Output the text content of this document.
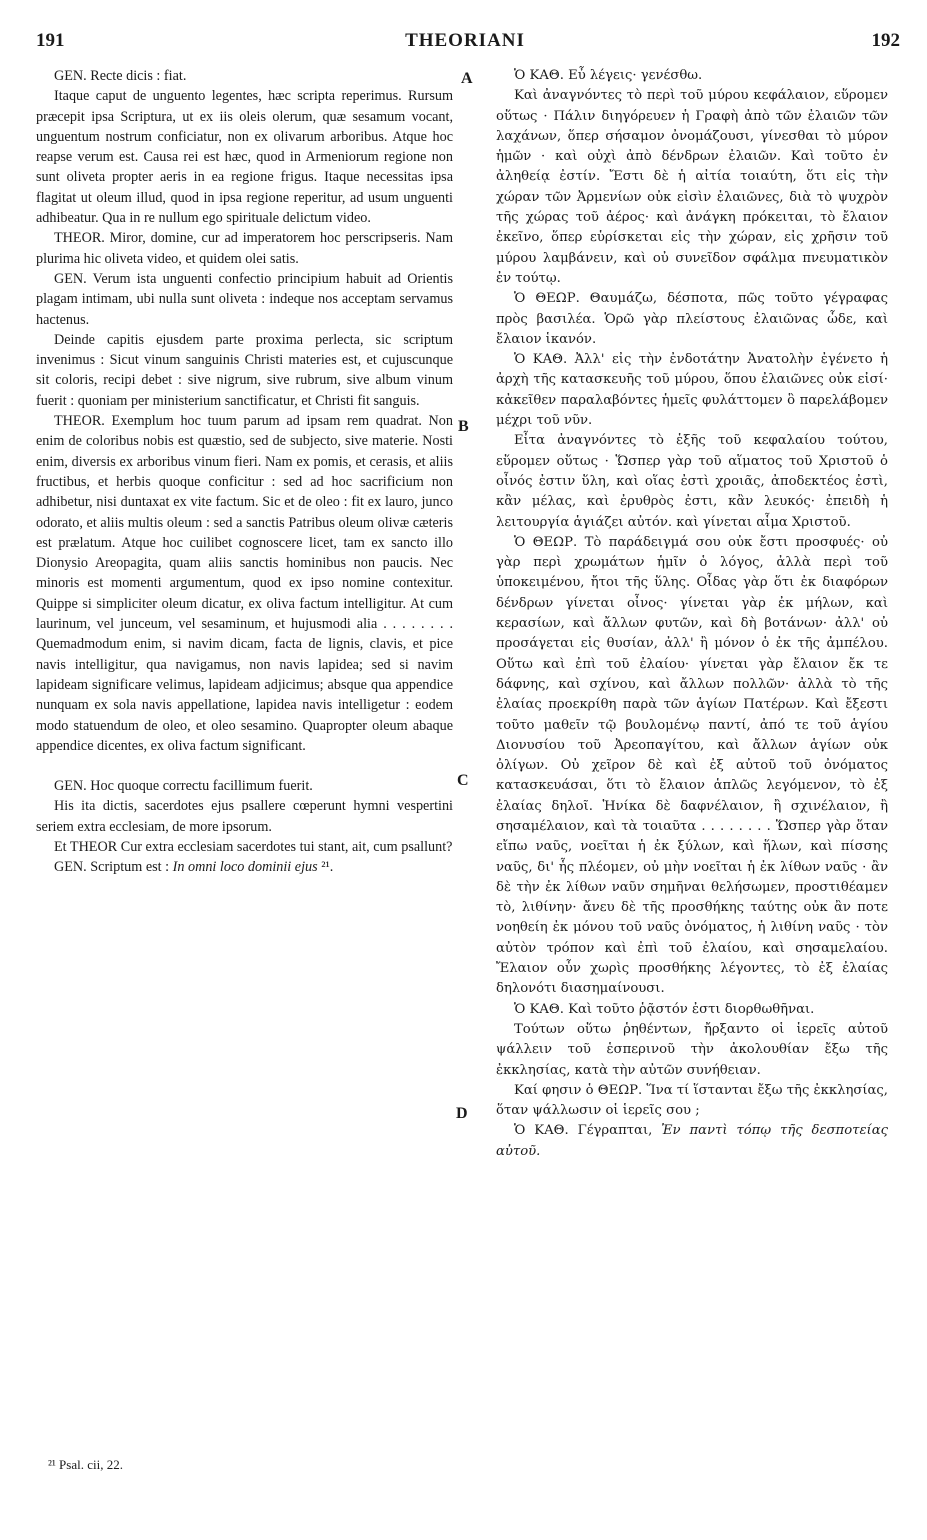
191	THEORIANI	192
A
B
C
D

GEN. Recte dicis : fiat.

Itaque caput de unguento legentes, hæc scripta reperimus. Rursum præcepit ipsa Scriptura, ut ex iis oleis olerum, quæ sesamum vocant, unguentum nostrum conficiatur, non ex olivarum arboribus. Atque hoc reapse verum est. Causa rei est hæc, quod in Armeniorum regione non sunt oliveta propter aeris in ea regione frigus. Itaque necessitas ipsa flagitat ut oleum illud, quod in ipsa regione reperitur, ad usum unguenti adhibeatur. Qua in re nullum ego spirituale delictum video.

THEOR. Miror, domine, cur ad imperatorem hoc perscripseris. Nam plurima hic oliveta video, et quidem olei satis.

GEN. Verum ista unguenti confectio principium habuit ad Orientis plagam intimam, ubi nulla sunt oliveta : indeque nos acceptam servamus hactenus.

Deinde capitis ejusdem parte proxima perlecta, sic scriptum invenimus : Sicut vinum sanguinis Christi materies est, et cujuscunque sit coloris, recipi debet : sive nigrum, sive rubrum, sive album vinum fuerit : quoniam per ministerium sanctificatur, et Christi fit sanguis.

THEOR. Exemplum hoc tuum parum ad ipsam rem quadrat. Non enim de coloribus nobis est quæstio, sed de subjecto, sive materie. Nosti enim, diversis ex arboribus vinum fieri. Nam ex pomis, et cerasis, et aliis fructibus, et herbis quoque conficitur : sed ad hoc sacrificium non adhibetur, nisi duntaxat ex vite factum. Sic et de oleo : fit ex lauro, junco odorato, et aliis multis oleum : sed a sanctis Patribus oleum olivæ cæteris est prælatum. Atque hoc cuilibet cognoscere licet, tam ex sancto illo Dionysio Areopagita, quam aliis sanctis hominibus non paucis. Nec minoris est momenti argumentum, quod ex ipso nomine contexitur. Quippe si simpliciter oleum dicatur, ex oliva factum intelligitur. At cum laurinum, vel junceum, vel sesaminum, et hujusmodi alia . . . . . . . . Quemadmodum enim, si navim dicam, facta de lignis, clavis, et pice navis intelligitur, qua navigamus, non navis lapidea; sed si navim lapideam significare velimus, lapideam adjicimus; absque qua appendice nunquam ex sola navis appellatione, lapidea navis intelligetur : eodem modo statuendum de oleo, et oleo sesamino. Quapropter oleum abaque appendice dicentes, ex oliva factum significant.

GEN. Hoc quoque correctu facillimum fuerit.

His ita dictis, sacerdotes ejus psallere cœperunt hymni vespertini seriem extra ecclesiam, de more ipsorum.

Et THEOR Cur extra ecclesiam sacerdotes tui stant, ait, cum psallunt?

GEN. Scriptum est : In omni loco dominii ejus ²¹.

Ὁ ΚΑΘ. Εὖ λέγεις· γενέσθω.

Καὶ ἀναγνόντες τὸ περὶ τοῦ μύρου κεφάλαιον, εὕρομεν οὕτως · Πάλιν διηγόρευεν ἡ Γραφὴ ἀπὸ τῶν ἐλαιῶν τῶν λαχάνων, ὅπερ σήσαμον ὀνομάζουσι, γίνεσθαι τὸ μύρον ἡμῶν · καὶ οὐχὶ ἀπὸ δένδρων ἐλαιῶν. Καὶ τοῦτο ἐν ἀληθείᾳ ἐστίν. Ἔστι δὲ ἡ αἰτία τοιαύτη, ὅτι εἰς τὴν χώραν τῶν Ἀρμενίων οὐκ εἰσὶν ἐλαιῶνες, διὰ τὸ ψυχρὸν τῆς χώρας τοῦ ἀέρος· καὶ ἀνάγκη πρόκειται, τὸ ἔλαιον ἐκεῖνο, ὅπερ εὑρίσκεται εἰς τὴν χώραν, εἰς χρῆσιν τοῦ μύρου λαμβάνειν, καὶ οὐ συνεῖδον σφάλμα πνευματικὸν ἐν τούτῳ.

Ὁ ΘΕΩΡ. Θαυμάζω, δέσποτα, πῶς τοῦτο γέγραφας πρὸς βασιλέα. Ὁρῶ γὰρ πλείστους ἐλαιῶνας ὧδε, καὶ ἔλαιον ἱκανόν.

Ὁ ΚΑΘ. Ἀλλ' εἰς τὴν ἐνδοτάτην Ἀνατολὴν ἐγένετο ἡ ἀρχὴ τῆς κατασκευῆς τοῦ μύρου, ὅπου ἐλαιῶνες οὐκ εἰσί· κἀκεῖθεν παραλαβόντες ἡμεῖς φυλάττομεν ὃ παρελάβομεν μέχρι τοῦ νῦν.

Εἶτα ἀναγνόντες τὸ ἑξῆς τοῦ κεφαλαίου τούτου, εὕρομεν οὕτως · Ὥσπερ γὰρ τοῦ αἵματος τοῦ Χριστοῦ ὁ οἶνός ἐστιν ὕλη, καὶ οἵας ἐστὶ χροιᾶς, ἀποδεκτέος ἐστὶ, κἂν μέλας, καὶ ἐρυθρὸς ἐστι, κἂν λευκός· ἐπειδὴ ἡ λειτουργία ἁγιάζει αὐτόν. καὶ γίνεται αἷμα Χριστοῦ.

Ὁ ΘΕΩΡ. Τὸ παράδειγμά σου οὐκ ἔστι προσφυές· οὐ γὰρ περὶ χρωμάτων ἡμῖν ὁ λόγος, ἀλλὰ περὶ τοῦ ὑποκειμένου, ἤτοι τῆς ὕλης. Οἶδας γὰρ ὅτι ἐκ διαφόρων δένδρων γίνεται οἶνος· γίνεται γὰρ ἐκ μήλων, καὶ κερασίων, καὶ ἄλλων φυτῶν, καὶ δὴ βοτάνων· ἀλλ' οὐ προσάγεται εἰς θυσίαν, ἀλλ' ἢ μόνον ὁ ἐκ τῆς ἀμπέλου. Οὕτω καὶ ἐπὶ τοῦ ἐλαίου· γίνεται γὰρ ἔλαιον ἔκ τε δάφνης, καὶ σχίνου, καὶ ἄλλων πολλῶν· ἀλλὰ τὸ τῆς ἐλαίας προεκρίθη παρὰ τῶν ἁγίων Πατέρων. Καὶ ἔξεστι τοῦτο μαθεῖν τῷ βουλομένῳ παντί, ἀπό τε τοῦ ἁγίου Διονυσίου τοῦ Ἀρεοπαγίτου, καὶ ἄλλων ἁγίων οὐκ ὀλίγων. Οὐ χεῖρον δὲ καὶ ἐξ αὐτοῦ τοῦ ὀνόματος κατασκευάσαι, ὅτι τὸ ἔλαιον ἁπλῶς λεγόμενον, τὸ ἐξ ἐλαίας δηλοῖ. Ἡνίκα δὲ δαφνέλαιον, ἢ σχινέλαιον, ἢ σησαμέλαιον, καὶ τὰ τοιαῦτα . . . . . . . . Ὥσπερ γὰρ ὅταν εἴπω ναῦς, νοεῖται ἡ ἐκ ξύλων, καὶ ἥλων, καὶ πίσσης ναῦς, δι' ἧς πλέομεν, οὐ μὴν νοεῖται ἡ ἐκ λίθων ναῦς · ἂν δὲ τὴν ἐκ λίθων ναῦν σημῆναι θελήσωμεν, προστιθέαμεν τὸ, λιθίνην· ἄνευ δὲ τῆς προσθήκης ταύτης οὐκ ἂν ποτε νοηθείη ἐκ μόνου τοῦ ναῦς ὀνόματος, ἡ λιθίνη ναῦς · τὸν αὐτὸν τρόπον καὶ ἐπὶ τοῦ ἐλαίου, καὶ σησαμελαίου. Ἔλαιον οὖν χωρὶς προσθήκης λέγοντες, τὸ ἐξ ἐλαίας δηλονότι διασημαίνουσι.

Ὁ ΚΑΘ. Καὶ τοῦτο ῥᾷστόν ἐστι διορθωθῆναι.

Τούτων οὕτω ῥηθέντων, ἤρξαντο οἱ ἱερεῖς αὐτοῦ ψάλλειν τοῦ ἑσπερινοῦ τὴν ἀκολουθίαν ἔξω τῆς ἐκκλησίας, κατὰ τὴν αὐτῶν συνήθειαν.

Καί φησιν ὁ ΘΕΩΡ. Ἵνα τί ἵστανται ἔξω τῆς ἐκκλησίας, ὅταν ψάλλωσιν οἱ ἱερεῖς σου ;

Ὁ ΚΑΘ. Γέγραπται, Ἐν παντὶ τόπῳ τῆς δεσποτείας αὐτοῦ.

²¹ Psal. cii, 22.
